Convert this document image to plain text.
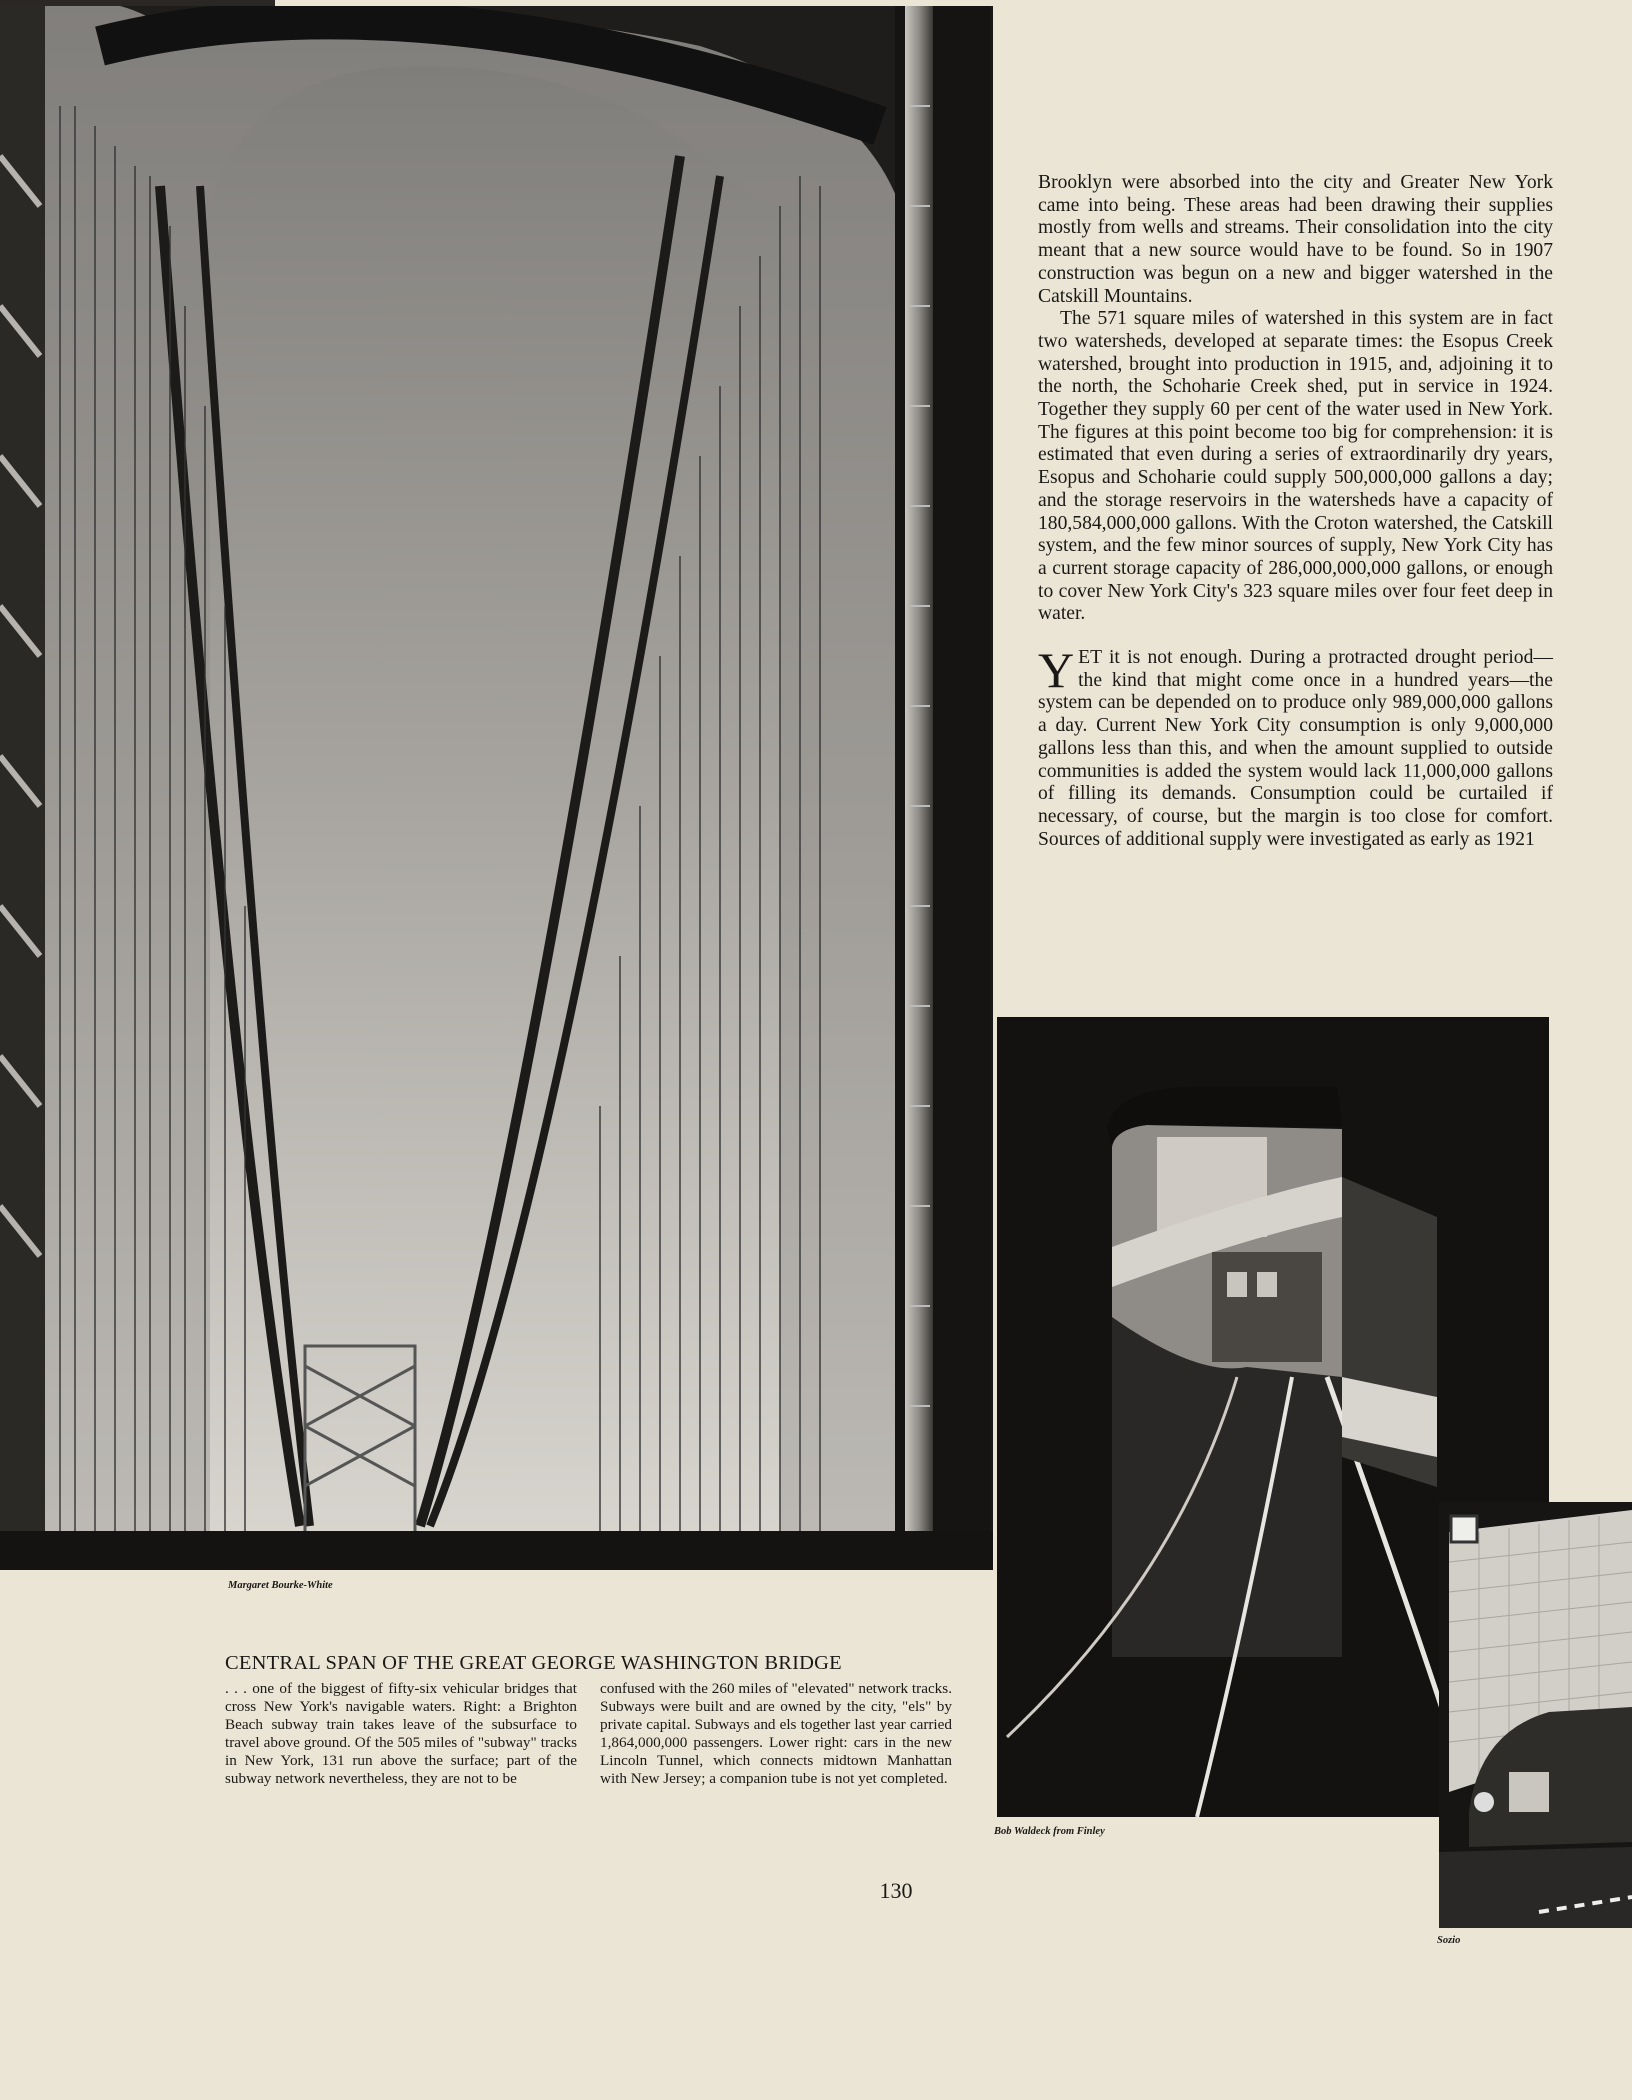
Margaret Bourke-White

Brooklyn were absorbed into the city and Greater New York came into being. These areas had been drawing their supplies mostly from wells and streams. Their consolidation into the city meant that a new source would have to be found. So in 1907 construction was begun on a new and bigger watershed in the Catskill Mountains.

The 571 square miles of watershed in this system are in fact two watersheds, developed at separate times: the Esopus Creek watershed, brought into production in 1915, and, adjoining it to the north, the Schoharie Creek shed, put in service in 1924. Together they supply 60 per cent of the water used in New York. The figures at this point become too big for comprehension: it is estimated that even during a series of extraordinarily dry years, Esopus and Schoharie could supply 500,000,000 gallons a day; and the storage reservoirs in the watersheds have a capacity of 180,584,000,000 gallons. With the Croton watershed, the Catskill system, and the few minor sources of supply, New York City has a current storage capacity of 286,000,000,000 gallons, or enough to cover New York City's 323 square miles over four feet deep in water.

YET it is not enough. During a protracted drought period—the kind that might come once in a hundred years—the system can be depended on to produce only 989,000,000 gallons a day. Current New York City consumption is only 9,000,000 gallons less than this, and when the amount supplied to outside communities is added the system would lack 11,000,000 gallons of filling its demands. Consumption could be curtailed if necessary, of course, but the margin is too close for comfort. Sources of additional supply were investigated as early as 1921

Bob Waldeck from Finley
Sozio
CENTRAL SPAN OF THE GREAT GEORGE WASHINGTON BRIDGE

. . . one of the biggest of fifty-six vehicular bridges that cross New York's navigable waters. Right: a Brighton Beach subway train takes leave of the subsurface to travel above ground. Of the 505 miles of "subway" tracks in New York, 131 run above the surface; part of the subway network nevertheless, they are not to be

confused with the 260 miles of "elevated" network tracks. Subways were built and are owned by the city, "els" by private capital. Subways and els together last year carried 1,864,000,000 passengers. Lower right: cars in the new Lincoln Tunnel, which connects midtown Manhattan with New Jersey; a companion tube is not yet completed.

130
